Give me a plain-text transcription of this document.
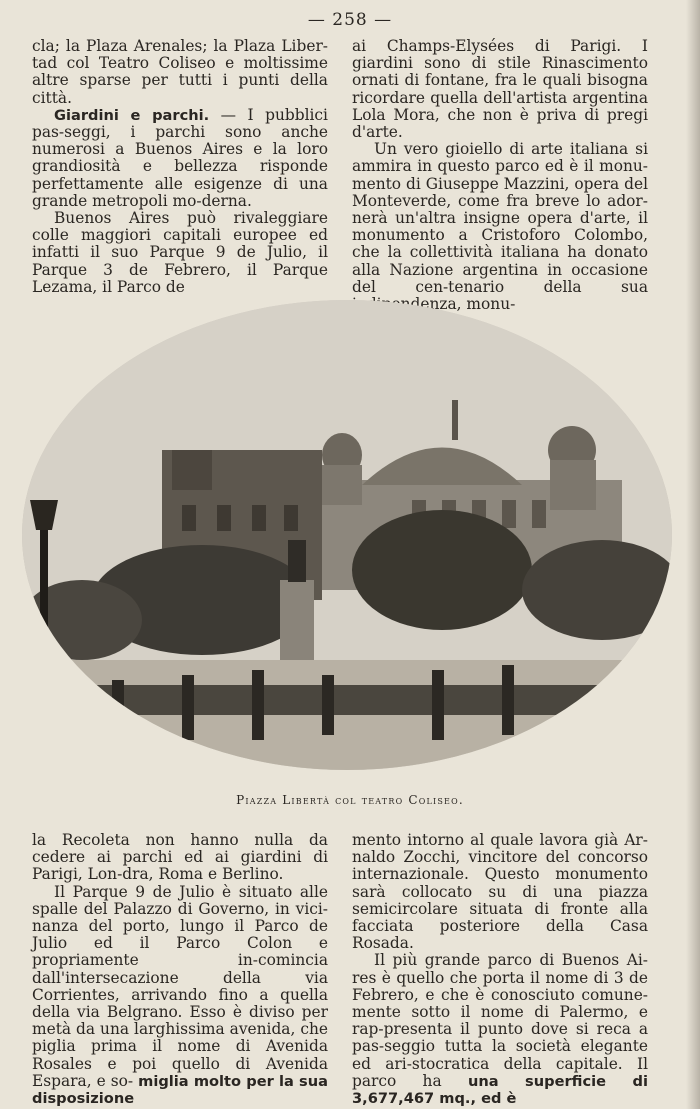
— 258 —

cla; la Plaza Arenales; la Plaza Liber-tad col Teatro Coliseo e moltissime altre sparse per tutti i punti della città.

Giardini e parchi. — I pubblici pas-seggi, i parchi sono anche numerosi a Buenos Aires e la loro grandiosità e bellezza risponde perfettamente alle esigenze di una grande metropoli mo-derna.

Buenos Aires può rivaleggiare colle maggiori capitali europee ed infatti il suo Parque 9 de Julio, il Parque 3 de Febrero, il Parque Lezama, il Parco de

ai Champs-Elysées di Parigi. I giardini sono di stile Rinascimento ornati di fontane, fra le quali bisogna ricordare quella dell'artista argentina Lola Mora, che non è priva di pregi d'arte.

Un vero gioiello di arte italiana si ammira in questo parco ed è il monu-mento di Giuseppe Mazzini, opera del Monteverde, come fra breve lo ador-nerà un'altra insigne opera d'arte, il monumento a Cristoforo Colombo, che la collettività italiana ha donato alla Nazione argentina in occasione del cen-tenario della sua

Piazza Libertà col teatro Coliseo.

la Recoleta non hanno nulla da cedere ai parchi ed ai giardini di Parigi, Lon-dra, Roma e Berlino.

Il Parque 9 de Julio è situato alle spalle del Palazzo di Governo, in vici-nanza del porto, lungo il Parco de Julio ed il Parco Colon e propriamente in-comincia dall'intersecazione della via Corrientes, arrivando fino a quella della via Belgrano. Esso è diviso per metà da una larghissima avenida, che piglia prima il nome di Avenida Rosales e poi quello di Avenida Espara, e so- miglia molto per la sua disposizione

mento intorno al quale lavora già Ar-naldo Zocchi, vincitore del concorso internazionale. Questo monumento sarà collocato su di una piazza semicircolare situata di fronte alla facciata posteriore della Casa Rosada.

Il più grande parco di Buenos Ai-res è quello che porta il nome di 3 de Febrero, e che è conosciuto comune-mente sotto il nome di Palermo, e rap-presenta il punto dove si reca a pas-seggio tutta la società elegante ed ari-stocratica della capitale. Il parco ha una superficie di 3,677,467 mq., ed è
